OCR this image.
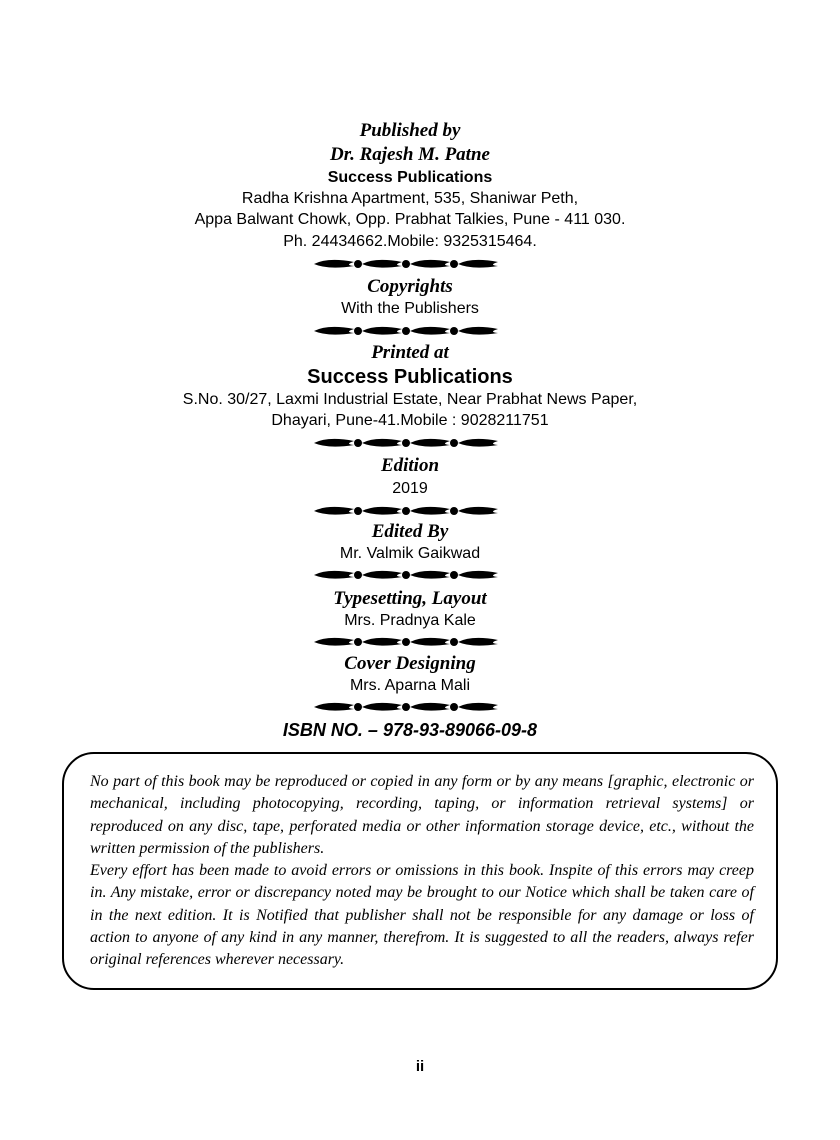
Published by
Dr. Rajesh M. Patne
Success Publications
Radha Krishna Apartment, 535, Shaniwar Peth,
Appa Balwant Chowk, Opp. Prabhat Talkies, Pune - 411 030.
Ph. 24434662.Mobile: 9325315464.
Copyrights
With the Publishers
Printed at
Success Publications
S.No. 30/27, Laxmi Industrial Estate, Near Prabhat News Paper,
Dhayari, Pune-41.Mobile : 9028211751
Edition
2019
Edited By
Mr. Valmik Gaikwad
Typesetting, Layout
Mrs. Pradnya Kale
Cover Designing
Mrs. Aparna Mali
ISBN NO. – 978-93-89066-09-8

No part of this book may be reproduced or copied in any form or by any means [graphic, electronic or mechanical, including photocopying, recording, taping, or information retrieval systems] or reproduced on any disc, tape, perforated media or other information storage device, etc., without the written permission of the publishers.

Every effort has been made to avoid errors or omissions in this book. Inspite of this errors may creep in. Any mistake, error or discrepancy noted may be brought to our Notice which shall be taken care of in the next edition. It is Notified that publisher shall not be responsible for any damage or loss of action to anyone of any kind in any manner, therefrom. It is suggested to all the readers, always refer original references wherever necessary.

ii
